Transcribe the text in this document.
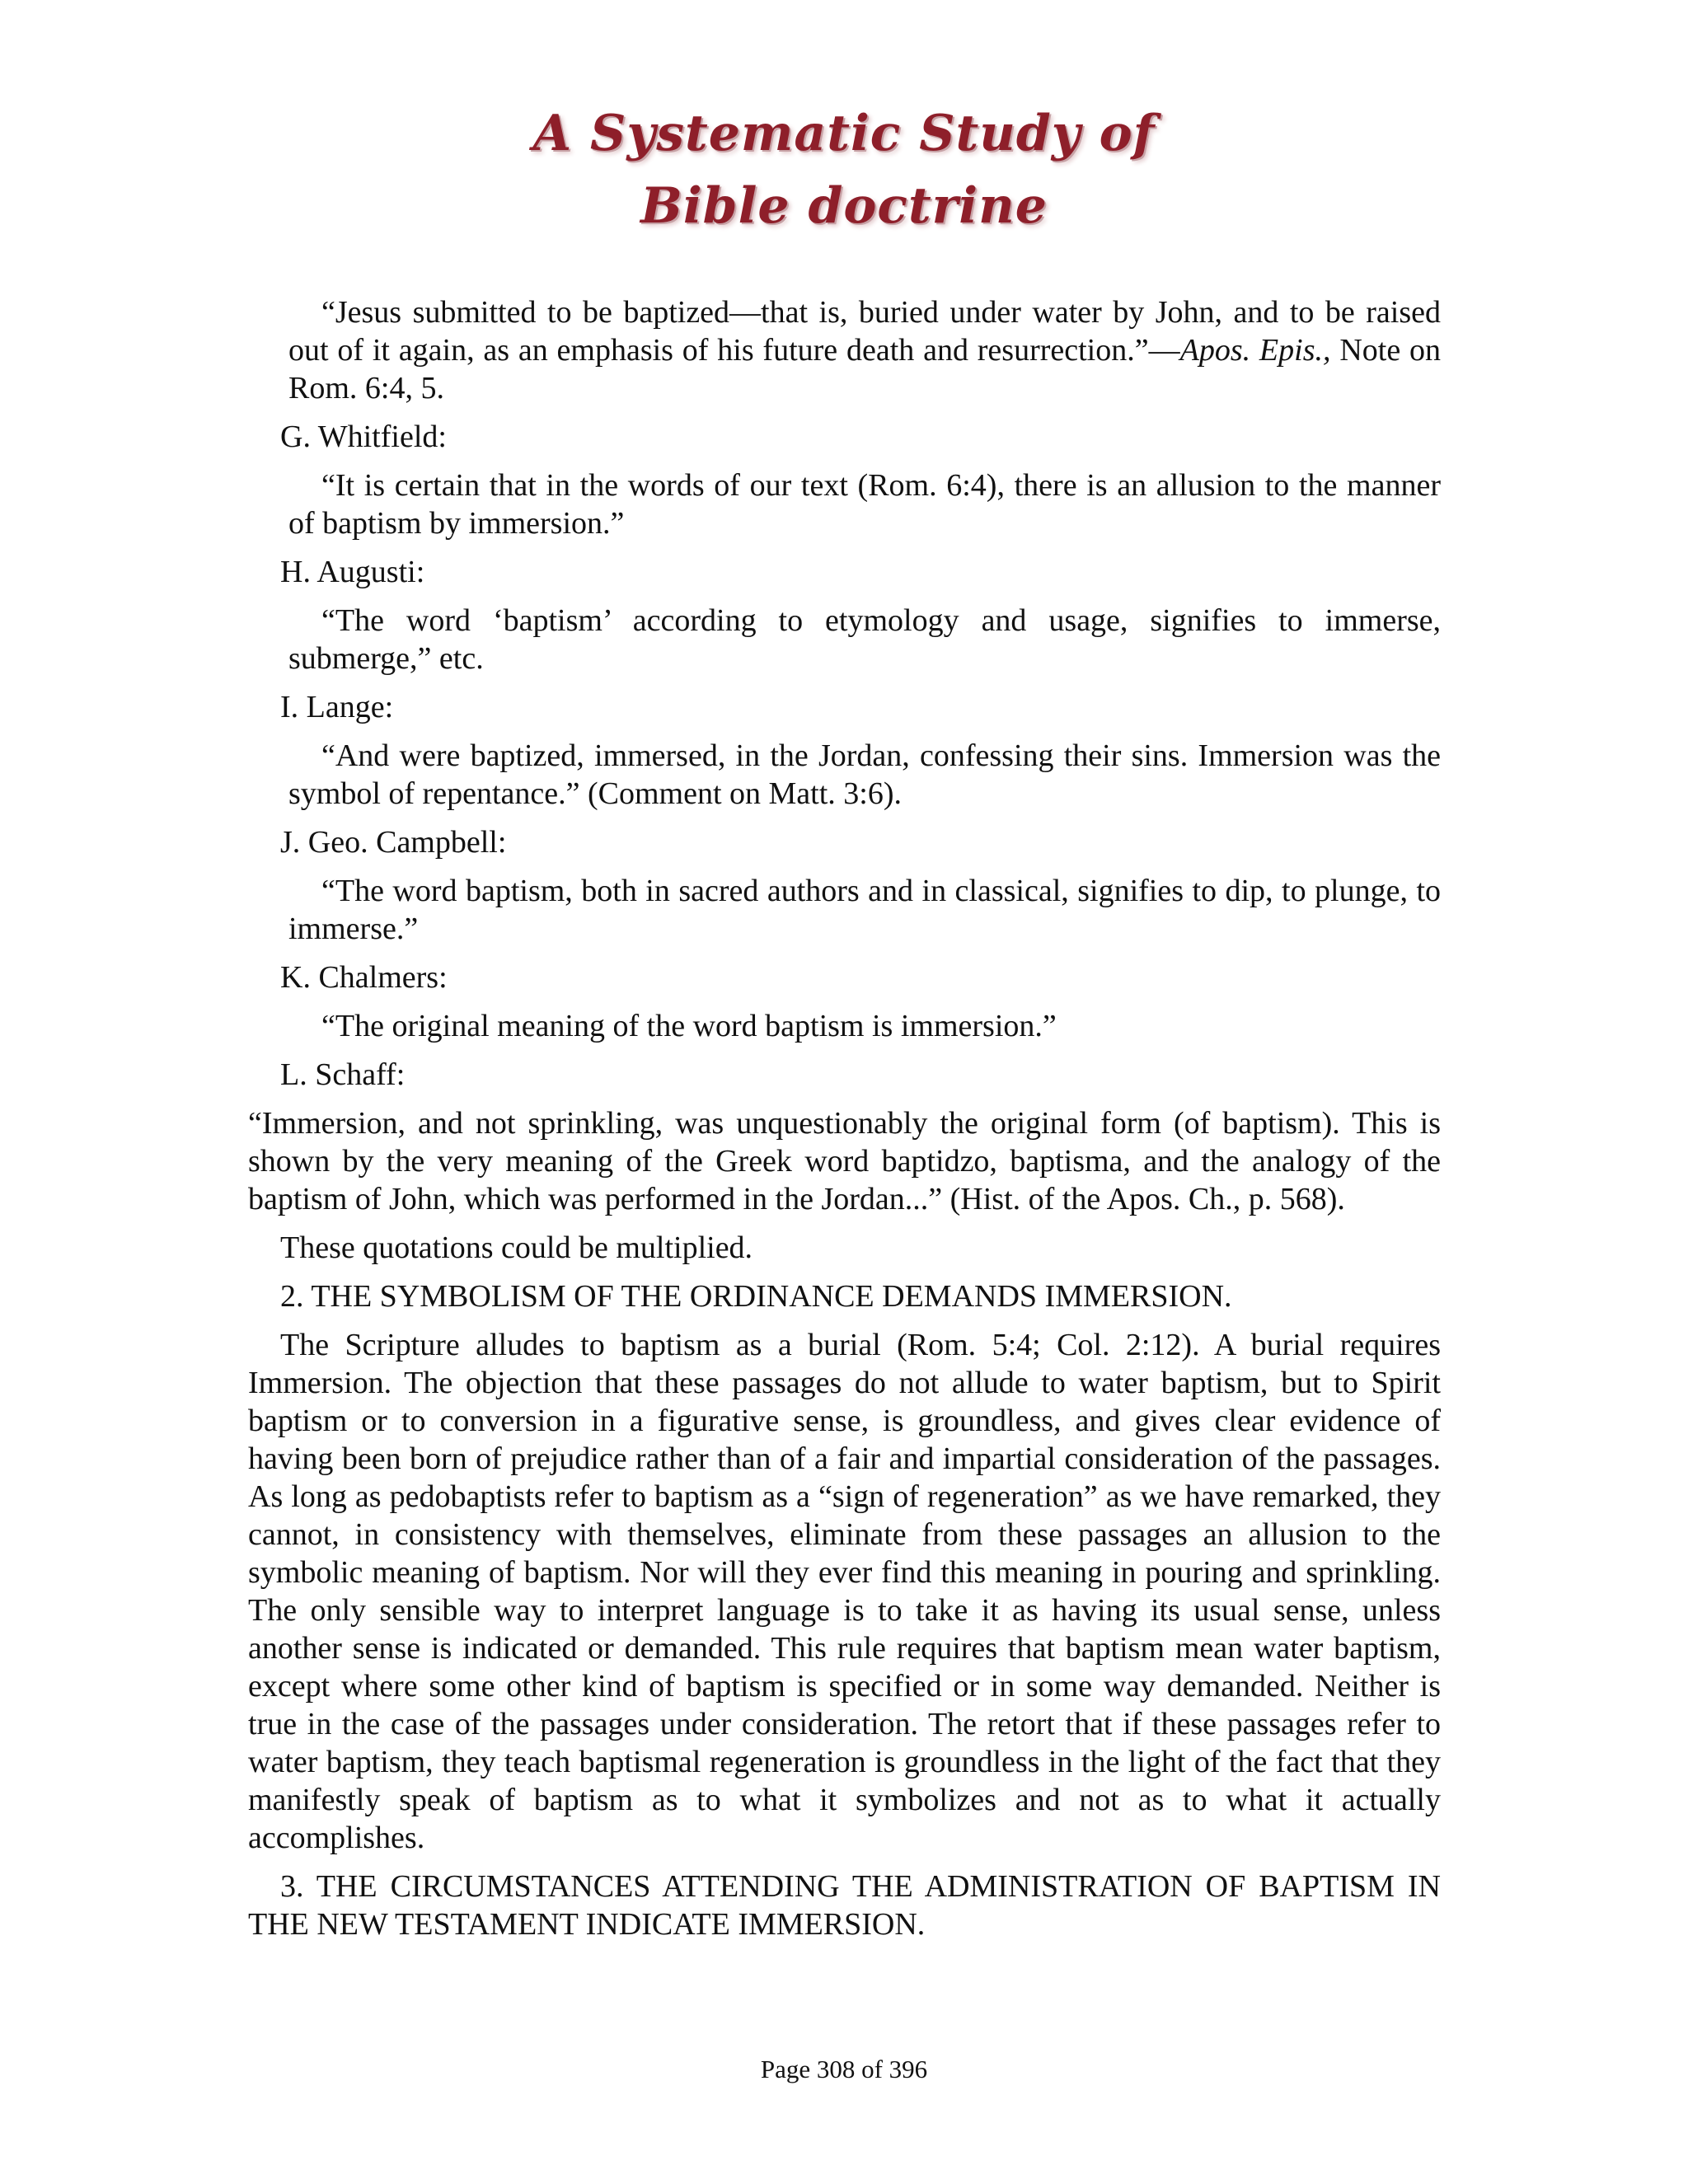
A Systematic Study of
Bible doctrine

“Jesus submitted to be baptized—that is, buried under water by John, and to be raised out of it again, as an emphasis of his future death and resurrection.”—Apos. Epis., Note on Rom. 6:4, 5.

G. Whitfield:

“It is certain that in the words of our text (Rom. 6:4), there is an allusion to the manner of baptism by immersion.”

H. Augusti:

“The word ‘baptism’ according to etymology and usage, signifies to immerse, submerge,” etc.

I. Lange:

“And were baptized, immersed, in the Jordan, confessing their sins. Immersion was the symbol of repentance.” (Comment on Matt. 3:6).

J. Geo. Campbell:

“The word baptism, both in sacred authors and in classical, signifies to dip, to plunge, to immerse.”

K. Chalmers:

“The original meaning of the word baptism is immersion.”

L. Schaff:

“Immersion, and not sprinkling, was unquestionably the original form (of baptism). This is shown by the very meaning of the Greek word baptidzo, baptisma, and the analogy of the baptism of John, which was performed in the Jordan...” (Hist. of the Apos. Ch., p. 568).

These quotations could be multiplied.

2. THE SYMBOLISM OF THE ORDINANCE DEMANDS IMMERSION.

The Scripture alludes to baptism as a burial (Rom. 5:4; Col. 2:12). A burial requires Immersion. The objection that these passages do not allude to water baptism, but to Spirit baptism or to conversion in a figurative sense, is groundless, and gives clear evidence of having been born of prejudice rather than of a fair and impartial consideration of the passages. As long as pedobaptists refer to baptism as a “sign of regeneration” as we have remarked, they cannot, in consistency with themselves, eliminate from these passages an allusion to the symbolic meaning of baptism. Nor will they ever find this meaning in pouring and sprinkling. The only sensible way to interpret language is to take it as having its usual sense, unless another sense is indicated or demanded. This rule requires that baptism mean water baptism, except where some other kind of baptism is specified or in some way demanded. Neither is true in the case of the passages under consideration. The retort that if these passages refer to water baptism, they teach baptismal regeneration is groundless in the light of the fact that they manifestly speak of baptism as to what it symbolizes and not as to what it actually accomplishes.

3. THE CIRCUMSTANCES ATTENDING THE ADMINISTRATION OF BAPTISM IN THE NEW TESTAMENT INDICATE IMMERSION.

Page 308 of 396
